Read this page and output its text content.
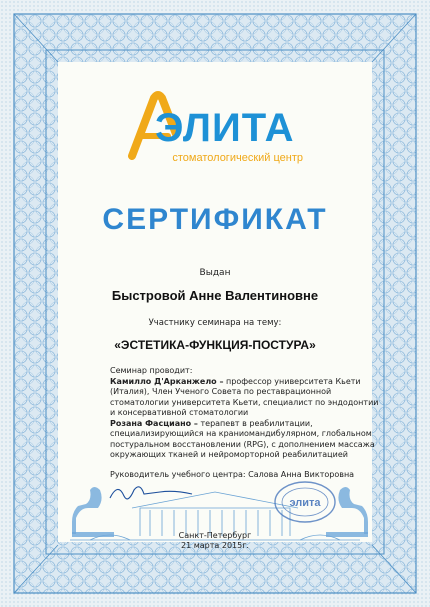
ЭЛИТА
стоматологический центр
СЕРТИФИКАТ
Выдан
Быстровой Анне Валентиновне
Участнику семинара на тему:
«ЭСТЕТИКА-ФУНКЦИЯ-ПОСТУРА»

Семинар проводит:

Камилло Д'Арканжело – профессор университета Кьети (Италия), Член Ученого Совета по реставрационной стоматологии университета Кьети, специалист по эндодонтии и консервативной стоматологии

Розана Фасциано – терапевт в реабилитации, специализирующийся на краниомандибулярном, глобальном постуральном восстановлении (RPG), с дополнением массажа окружающих тканей и нейроморторной реабилитацией

Руководитель учебного центра: Салова Анна Викторовна
элита
Санкт-Петербург
21 марта 2015г.
